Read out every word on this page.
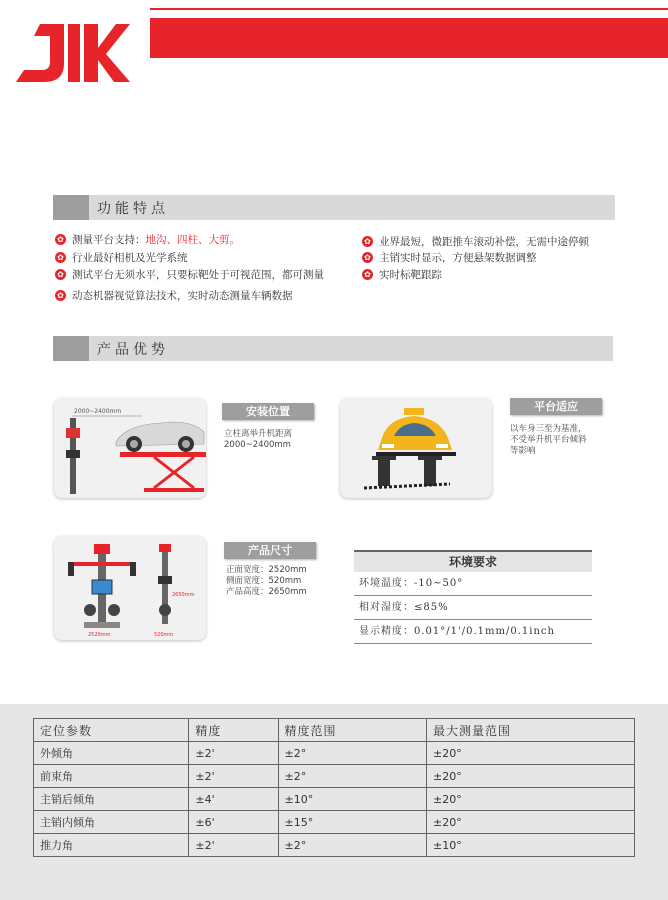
功能特点
✿ 测量平台支持： 地沟、四柱、大剪。
✿ 行业最好相机及光学系统
✿ 测试平台无须水平，只要标靶处于可视范围，都可测量
✿ 动态机器视觉算法技术，实时动态测量车辆数据
✿ 业界最短，微距推车滚动补偿，无需中途停顿
✿ 主销实时显示，方便悬架数据调整
✿ 实时标靶跟踪
产品优势
2000~2400mm	安装位置
立柱离举升机距离
2000~2400mm
平台适应
以车身三至为基准，
不受举升机平台倾斜
等影响
2520mm
2650mm
520mm
产品尺寸
正面宽度：2520mm
侧面宽度：520mm
产品高度：2650mm
环境要求
环境温度：-10~50°
相对湿度：≤85%
显示精度：0.01°/1'/0.1mm/0.1inch
定位参数	精度	精度范围	最大测量范围
外倾角	±2'	±2°	±20°
前束角	±2'	±2°	±20°
主销后倾角	±4'	±10°	±20°
主销内倾角	±6'	±15°	±20°
推力角	±2'	±2°	±10°
